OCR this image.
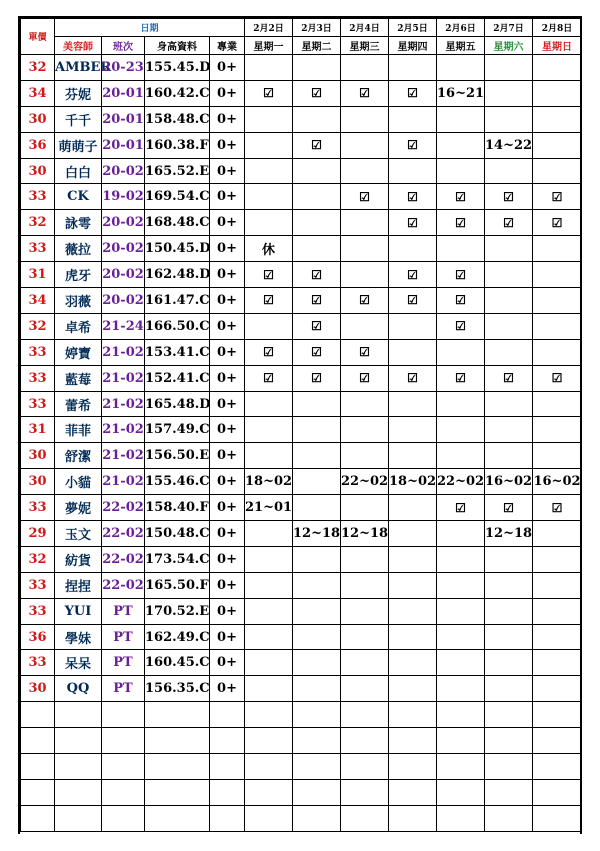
單價	日期				2月2日	2月3日	2月4日	2月5日	2月6日	2月7日	2月8日
	美容師	班次	身高資料	專業	星期一	星期二	星期三	星期四	星期五	星期六	星期日
32	AMBER	20-23	155.45.D	0+							
34	芬妮	20-01	160.42.C	0+	☑	☑	☑	☑	16~21		
30	千千	20-01	158.48.C	0+							
36	萌萌子	20-01	160.38.F	0+		☑		☑		14~22	
30	白白	20-02	165.52.E	0+							
33	CK	19-02	169.54.C	0+			☑	☑	☑	☑	☑
32	詠雩	20-02	168.48.C	0+				☑	☑	☑	☑
33	薇拉	20-02	150.45.D	0+	休						
31	虎牙	20-02	162.48.D	0+	☑	☑		☑	☑		
34	羽薇	20-02	161.47.C	0+	☑	☑	☑	☑	☑		
32	卓希	21-24	166.50.C	0+		☑			☑		
33	婷寶	21-02	153.41.C	0+	☑	☑	☑				
33	藍莓	21-02	152.41.C	0+	☑	☑	☑	☑	☑	☑	☑
33	蕾希	21-02	165.48.D	0+							
31	菲菲	21-02	157.49.C	0+							
30	舒潔	21-02	156.50.E	0+							
30	小貓	21-02	155.46.C	0+	18~02		22~02	18~02	22~02	16~02	16~02
33	夢妮	22-02	158.40.F	0+	21~01				☑	☑	☑
29	玉文	22-02	150.48.C	0+		12~18	12~18			12~18	
32	紡貨	22-02	173.54.C	0+							
33	捏捏	22-02	165.50.F	0+							
33	YUI	PT	170.52.E	0+							
36	學妹	PT	162.49.C	0+							
33	呆呆	PT	160.45.C	0+							
30	QQ	PT	156.35.C	0+							
